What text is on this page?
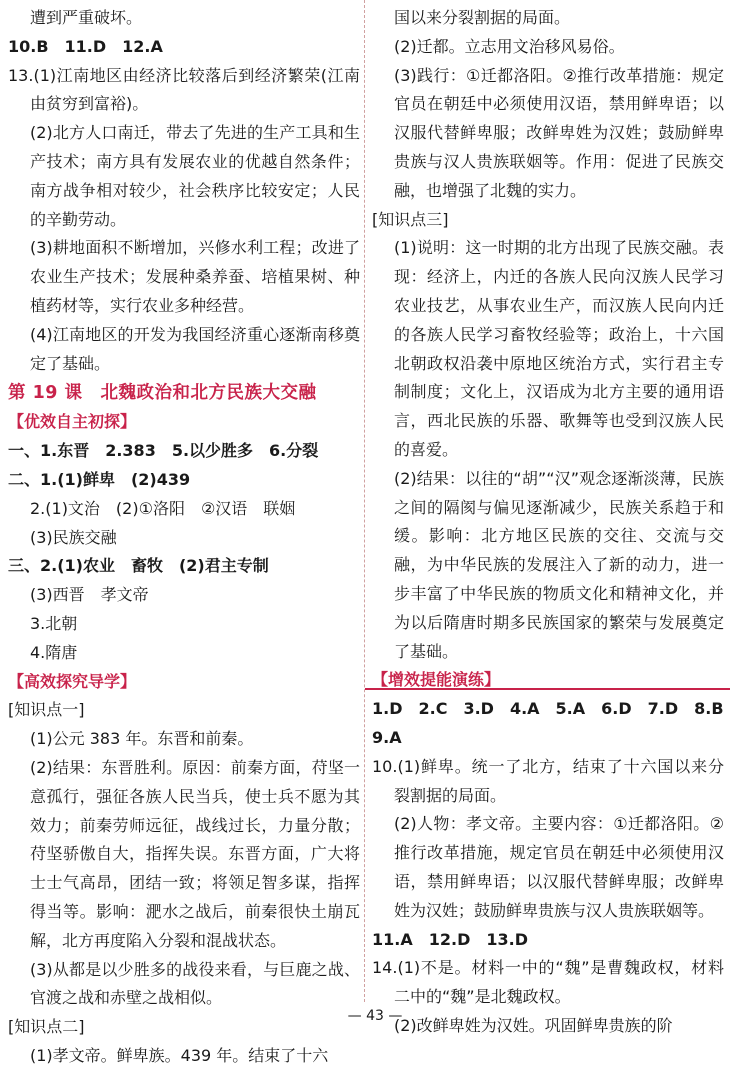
遭到严重破坏。

10.B　11.D　12.A

13.(1)江南地区由经济比较落后到经济繁荣(江南由贫穷到富裕)。

(2)北方人口南迁，带去了先进的生产工具和生产技术；南方具有发展农业的优越自然条件；南方战争相对较少，社会秩序比较安定；人民的辛勤劳动。

(3)耕地面积不断增加，兴修水利工程；改进了农业生产技术；发展种桑养蚕、培植果树、种植药材等，实行农业多种经营。

(4)江南地区的开发为我国经济重心逐渐南移奠定了基础。

第 19 课　北魏政治和北方民族大交融

【优效自主初探】

一、1.东晋　2.383　5.以少胜多　6.分裂

二、1.(1)鲜卑　(2)439

2.(1)文治　(2)①洛阳　②汉语　联姻

(3)民族交融

三、2.(1)农业　畜牧　(2)君主专制

(3)西晋　孝文帝

3.北朝

4.隋唐

【高效探究导学】

[知识点一]

(1)公元 383 年。东晋和前秦。

(2)结果：东晋胜利。原因：前秦方面，苻坚一意孤行，强征各族人民当兵，使士兵不愿为其效力；前秦劳师远征，战线过长，力量分散；苻坚骄傲自大，指挥失误。东晋方面，广大将士士气高昂，团结一致；将领足智多谋，指挥得当等。影响：淝水之战后，前秦很快土崩瓦解，北方再度陷入分裂和混战状态。

(3)从都是以少胜多的战役来看，与巨鹿之战、官渡之战和赤壁之战相似。

[知识点二]

(1)孝文帝。鲜卑族。439 年。结束了十六

国以来分裂割据的局面。

(2)迁都。立志用文治移风易俗。

(3)践行：①迁都洛阳。②推行改革措施：规定官员在朝廷中必须使用汉语，禁用鲜卑语；以汉服代替鲜卑服；改鲜卑姓为汉姓；鼓励鲜卑贵族与汉人贵族联姻等。作用：促进了民族交融，也增强了北魏的实力。

[知识点三]

(1)说明：这一时期的北方出现了民族交融。表现：经济上，内迁的各族人民向汉族人民学习农业技艺，从事农业生产，而汉族人民向内迁的各族人民学习畜牧经验等；政治上，十六国北朝政权沿袭中原地区统治方式，实行君主专制制度；文化上，汉语成为北方主要的通用语言，西北民族的乐器、歌舞等也受到汉族人民的喜爱。

(2)结果：以往的“胡”“汉”观念逐渐淡薄，民族之间的隔阂与偏见逐渐减少，民族关系趋于和缓。影响：北方地区民族的交往、交流与交融，为中华民族的发展注入了新的动力，进一步丰富了中华民族的物质文化和精神文化，并为以后隋唐时期多民族国家的繁荣与发展奠定了基础。

【增效提能演练】

1.D　2.C　3.D　4.A　5.A　6.D　7.D　8.B

9.A

10.(1)鲜卑。统一了北方，结束了十六国以来分裂割据的局面。

(2)人物：孝文帝。主要内容：①迁都洛阳。②推行改革措施，规定官员在朝廷中必须使用汉语，禁用鲜卑语；以汉服代替鲜卑服；改鲜卑姓为汉姓；鼓励鲜卑贵族与汉人贵族联姻等。

11.A　12.D　13.D

14.(1)不是。材料一中的“魏”是曹魏政权，材料二中的“魏”是北魏政权。

(2)改鲜卑姓为汉姓。巩固鲜卑贵族的阶

— 43 —
